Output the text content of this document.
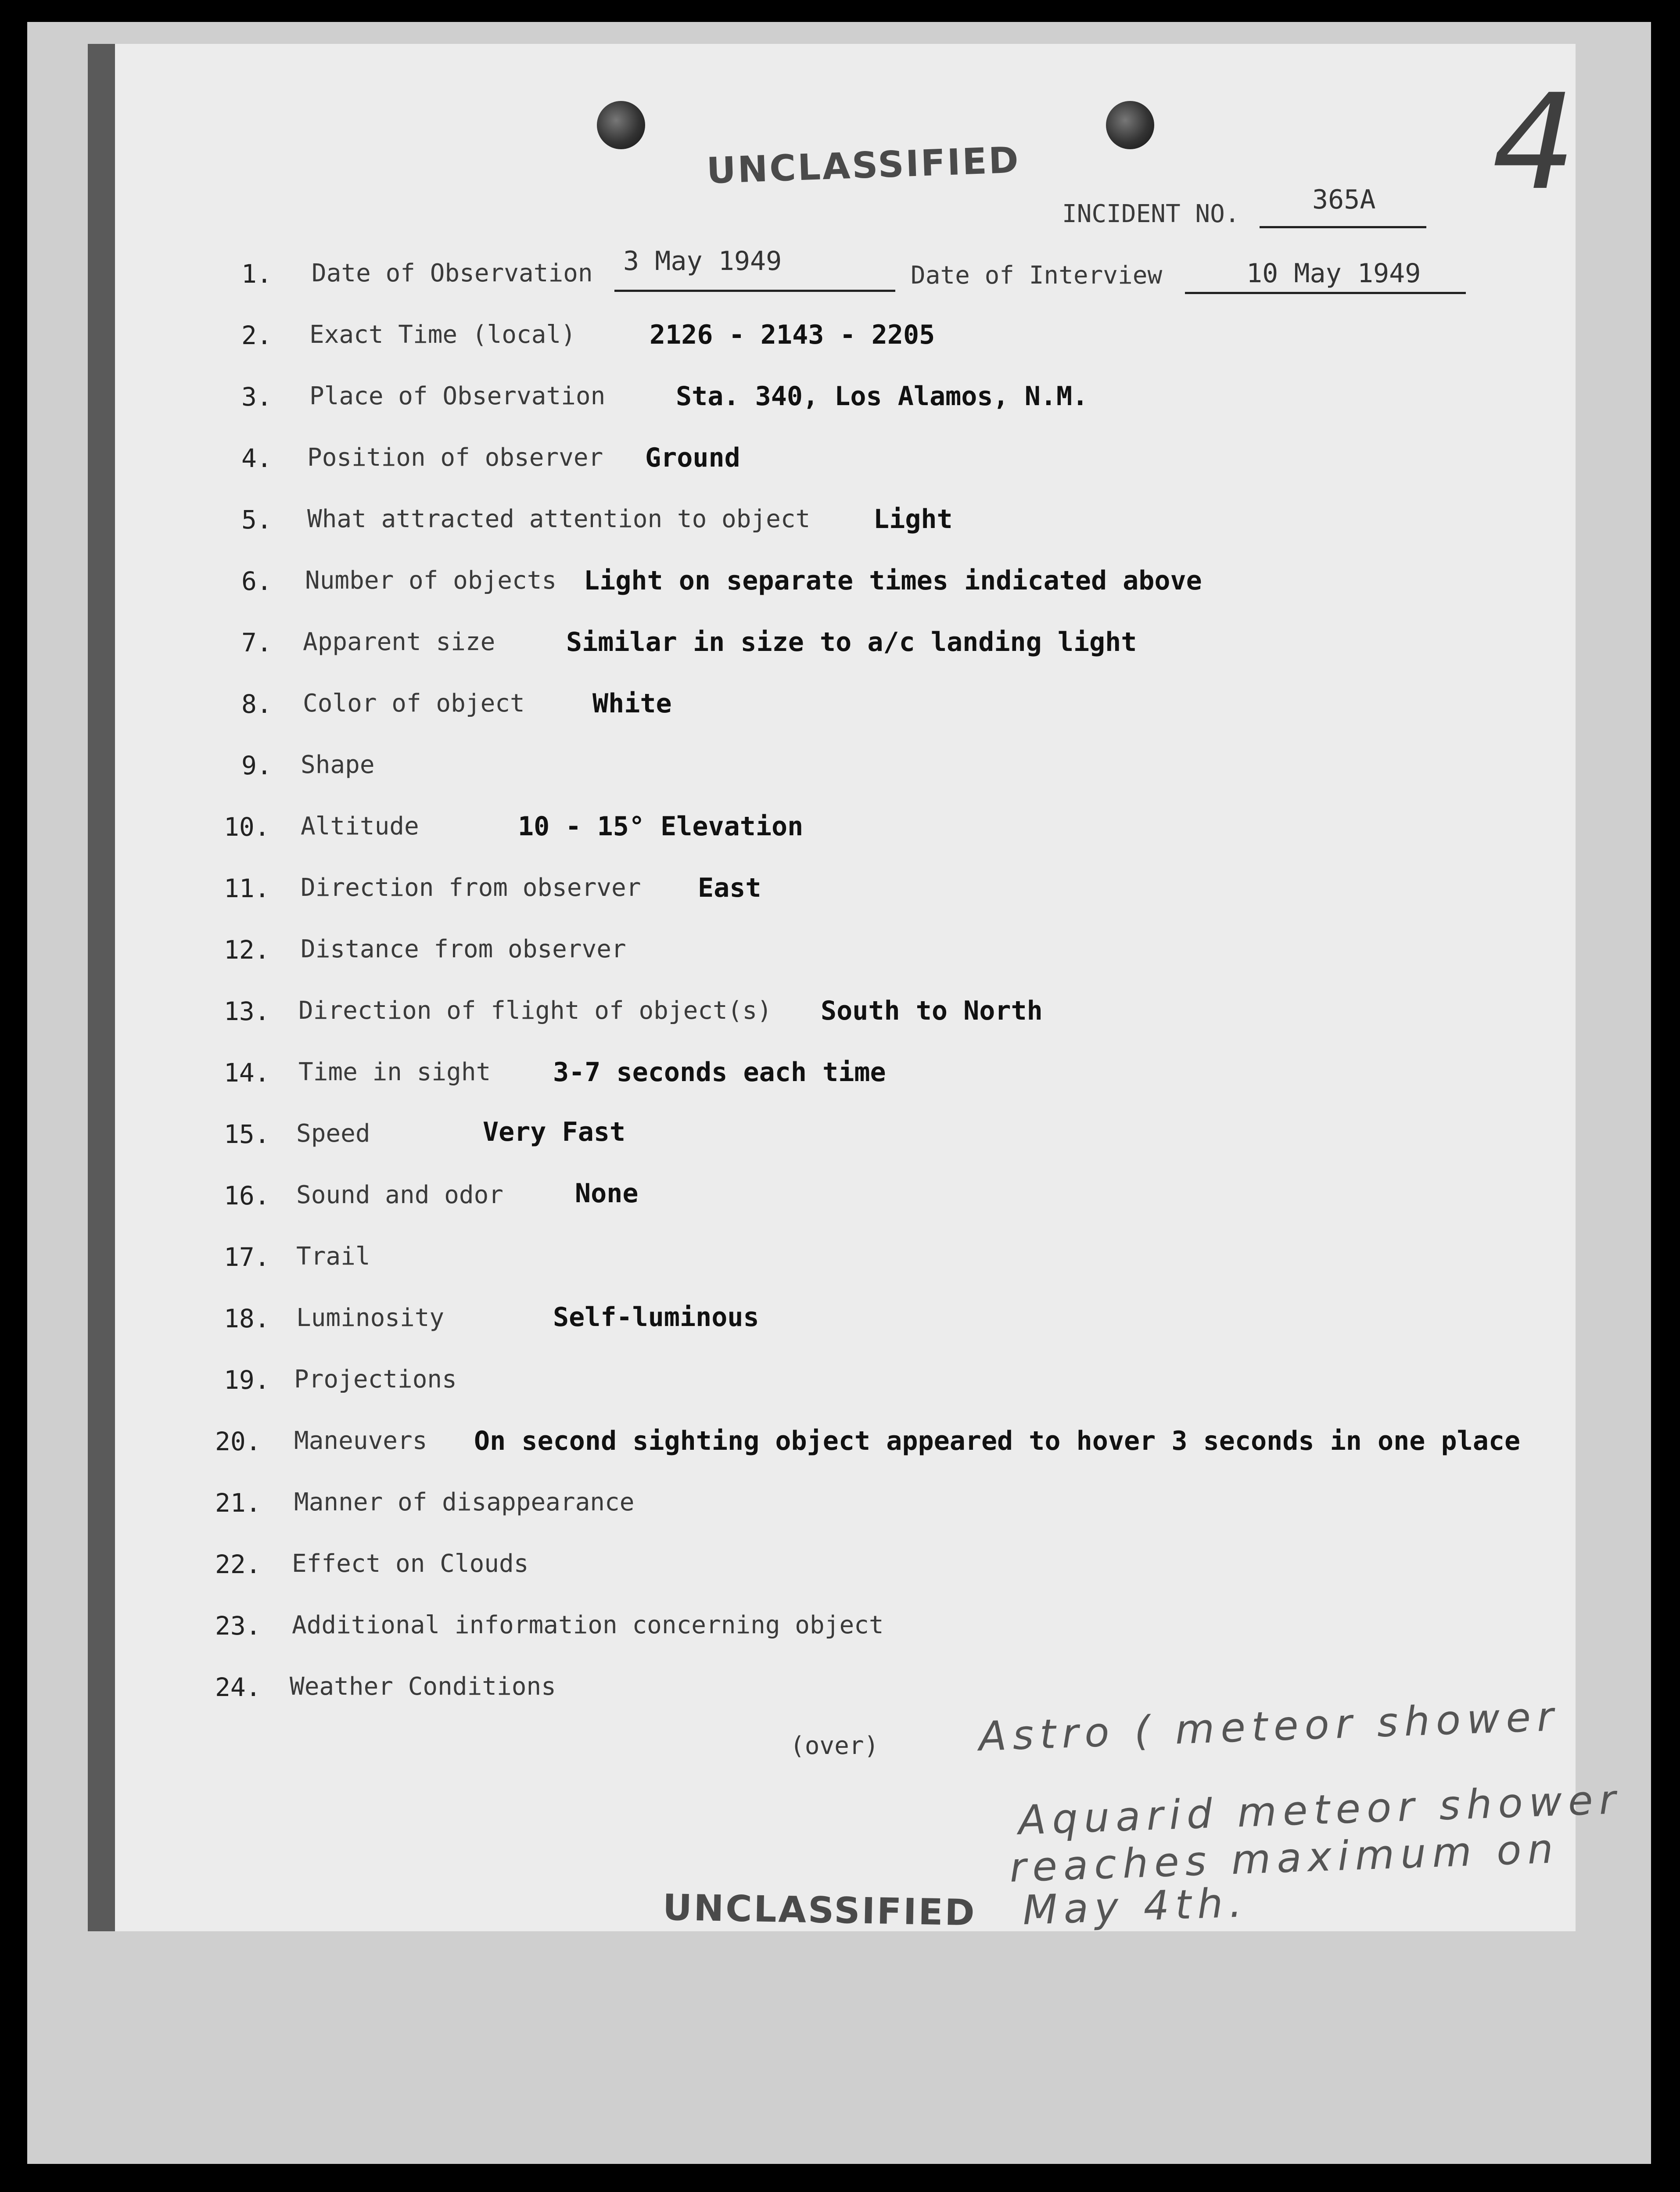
UNCLASSIFIED	4
INCIDENT NO.	365A
1. Date of Observation 3 May 1949	Date of Interview	10 May 1949
2. Exact Time (local)	2126 - 2143 - 2205
3. Place of Observation	Sta. 340, Los Alamos, N.M.
4. Position of observer Ground
5. What attracted attention to object Light
6. Number of objects Light on separate times indicated above
7. Apparent size	Similar in size to a/c landing light
8. Color of object	White
9. Shape
10. Altitude	10 - 15° Elevation
11. Direction from observer East
12. Distance from observer
13. Direction of flight of object(s) South to North
14. Time in sight 3-7 seconds each time
15. Speed	Very Fast
16. Sound and odor	None
17. Trail
18. Luminosity	Self-luminous
19. Projections
20. Maneuvers On second sighting object appeared to hover 3 seconds in one place
21. Manner of disappearance
22. Effect on Clouds
23. Additional information concerning object
24. Weather Conditions
(over)
UNCLASSIFIED
Astro ( meteor shower
Aquarid meteor shower
reaches maximum on
May 4th.
